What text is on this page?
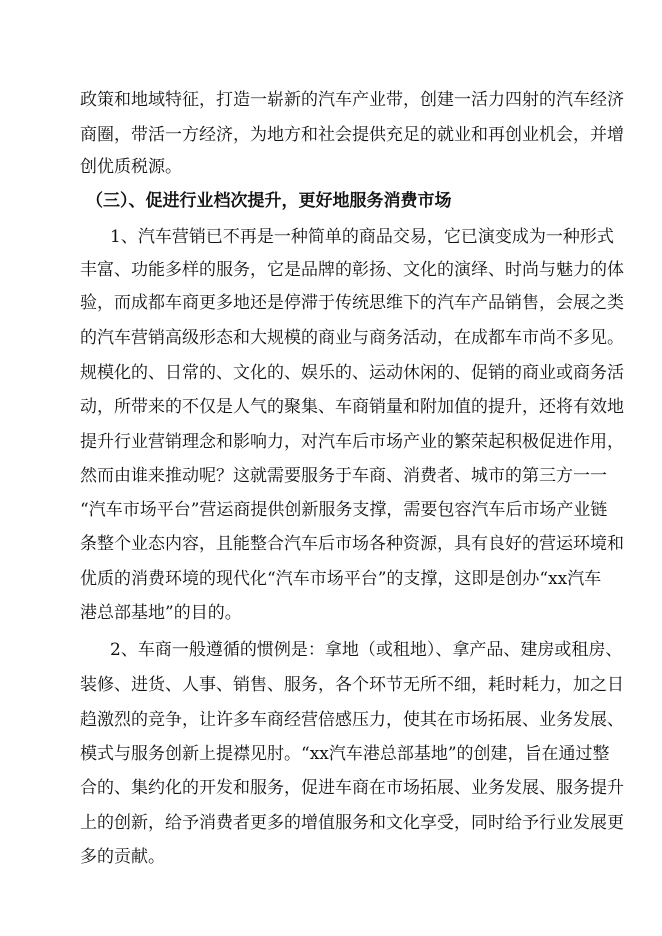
政策和地域特征，打造一崭新的汽车产业带，创建一活力四射的汽车经济
商圈，带活一方经济，为地方和社会提供充足的就业和再创业机会，并增
创优质税源。
（三）、促进行业档次提升，更好地服务消费市场
1、汽车营销已不再是一种简单的商品交易，它已演变成为一种形式
丰富、功能多样的服务，它是品牌的彰扬、文化的演绎、时尚与魅力的体
验，而成都车商更多地还是停滞于传统思维下的汽车产品销售，会展之类
的汽车营销高级形态和大规模的商业与商务活动，在成都车市尚不多见。
规模化的、日常的、文化的、娱乐的、运动休闲的、促销的商业或商务活
动，所带来的不仅是人气的聚集、车商销量和附加值的提升，还将有效地
提升行业营销理念和影响力，对汽车后市场产业的繁荣起积极促进作用，
然而由谁来推动呢？这就需要服务于车商、消费者、城市的第三方一一
“汽车市场平台”营运商提供创新服务支撑，需要包容汽车后市场产业链
条整个业态内容，且能整合汽车后市场各种资源，具有良好的营运环境和
优质的消费环境的现代化“汽车市场平台”的支撑，这即是创办“xx汽车
港总部基地”的目的。
2、车商一般遵循的惯例是：拿地（或租地）、拿产品、建房或租房、
装修、进货、人事、销售、服务，各个环节无所不细，耗时耗力，加之日
趋激烈的竞争，让许多车商经营倍感压力，使其在市场拓展、业务发展、
模式与服务创新上提襟见肘。“xx汽车港总部基地”的创建，旨在通过整
合的、集约化的开发和服务，促进车商在市场拓展、业务发展、服务提升
上的创新，给予消费者更多的增值服务和文化享受，同时给予行业发展更
多的贡献。
